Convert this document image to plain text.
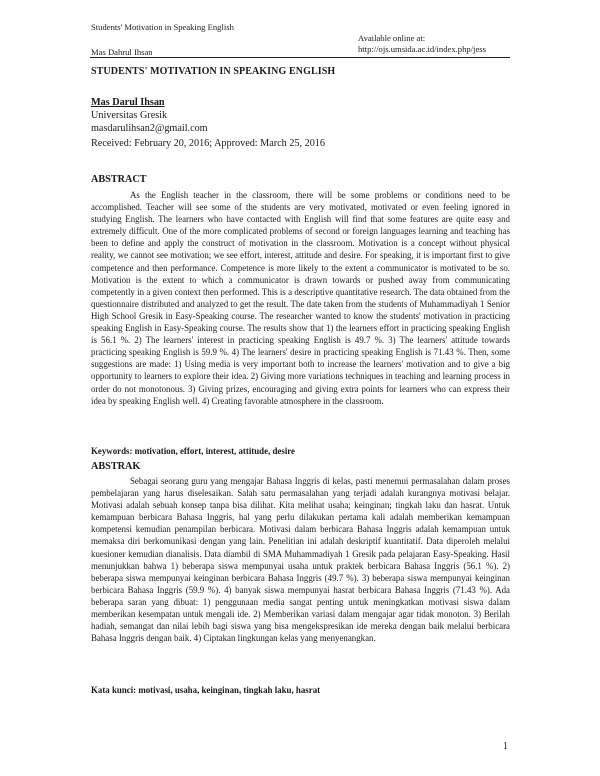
Students' Motivation in Speaking English
Available online at:
http://ojs.umsida.ac.id/index.php/jess
Mas Dahrul Ihsan
STUDENTS' MOTIVATION IN SPEAKING ENGLISH
Mas Darul Ihsan
Universitas Gresik
masdarulihsan2@gmail.com
Received: February 20, 2016; Approved: March 25, 2016
ABSTRACT

As the English teacher in the classroom, there will be some problems or conditions need to be accomplished. Teacher will see some of the students are very motivated, motivated or even feeling ignored in studying English. The learners who have contacted with English will find that some features are quite easy and extremely difficult. One of the more complicated problems of second or foreign languages learning and teaching has been to define and apply the construct of motivation in the classroom. Motivation is a concept without physical reality, we cannot see motivation; we see effort, interest, attitude and desire. For speaking, it is important first to give competence and then performance. Competence is more likely to the extent a communicator is motivated to be so. Motivation is the extent to which a communicator is drawn towards or pushed away from communicating competently in a given context then performed. This is a descriptive quantitative research. The data obtained from the questionnaire distributed and analyzed to get the result. The date taken from the students of Muhammadiyah 1 Senior High School Gresik in Easy-Speaking course. The researcher wanted to know the students' motivation in practicing speaking English in Easy-Speaking course. The results show that 1) the learners effort in practicing speaking English is 56.1 %. 2) The learners' interest in practicing speaking English is 49.7 %. 3) The learners' attitude towards practicing speaking English is 59.9 %. 4) The learners' desire in practicing speaking English is 71.43 %. Then, some suggestions are made: 1) Using media is very important both to increase the learners' motivation and to give a big opportunity to learners to explore their idea. 2) Giving more variations techniques in teaching and learning process in order do not monotonous. 3) Giving prizes, encouraging and giving extra points for learners who can express their idea by speaking English well. 4) Creating favorable atmosphere in the classroom.

Keywords: motivation, effort, interest, attitude, desire
ABSTRAK

Sebagai seorang guru yang mengajar Bahasa Inggris di kelas, pasti menemui permasalahan dalam proses pembelajaran yang harus diselesaikan. Salah satu permasalahan yang terjadi adalah kurangnya motivasi belajar. Motivasi adalah sebuah konsep tanpa bisa dilihat. Kita melihat usaha; keinginan; tingkah laku dan hasrat. Untuk kemampuan berbicara Bahasa Inggris, hal yang perlu dilakukan pertama kali adalah memberikan kemampuan kompetensi kemudian penampilan berbicara. Motivasi dalam berbicara Bahasa Inggris adalah kemampuan untuk memaksa diri berkomunikasi dengan yang lain. Penelitian ini adalah deskriptif kuantitatif. Data diperoleh melalui kuesioner kemudian dianalisis. Data diambil di SMA Muhammadiyah 1 Gresik pada pelajaran Easy-Speaking. Hasil menunjukkan bahwa 1) beberapa siswa mempunyai usaha untuk praktek berbicara Bahasa Inggris (56.1 %). 2) beberapa siswa mempunyai keinginan berbicara Bahasa Inggris (49.7 %). 3) beberapa siswa mempunyai keinginan berbicara Bahasa Inggris (59.9 %). 4) banyak siswa mempunyai hasrat berbicara Bahasa Inggris (71.43 %). Ada beberapa saran yang dibuat: 1) penggunaan media sangat penting untuk meningkatkan motivasi siswa dalam memberikan kesempatan untuk mengali ide. 2) Memberikan variasi dalam mengajar agar tidak monoton. 3) Berilah hadiah, semangat dan nilai lebih bagi siswa yang bisa mengekspresikan ide mereka dengan baik melalui berbicara Bahasa Inggris dengan baik. 4) Ciptakan lingkungan kelas yang menyenangkan.

Kata kunci: motivasi, usaha, keinginan, tingkah laku, hasrat
1
